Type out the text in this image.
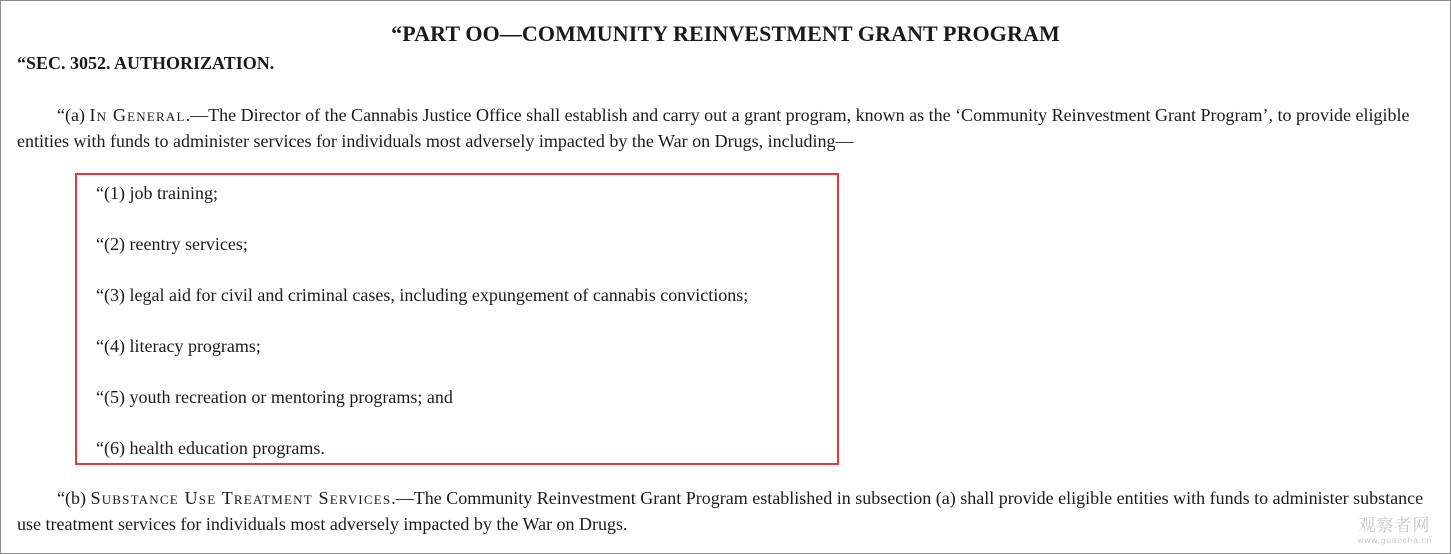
“PART OO—COMMUNITY REINVESTMENT GRANT PROGRAM
“SEC. 3052. AUTHORIZATION.
“(a) In General.—The Director of the Cannabis Justice Office shall establish and carry out a grant program, known as the ‘Community Reinvestment Grant Program’, to provide eligible entities with funds to administer services for individuals most adversely impacted by the War on Drugs, including—
“(1) job training;
“(2) reentry services;
“(3) legal aid for civil and criminal cases, including expungement of cannabis convictions;
“(4) literacy programs;
“(5) youth recreation or mentoring programs; and
“(6) health education programs.
“(b) Substance Use Treatment Services.—The Community Reinvestment Grant Program established in subsection (a) shall provide eligible entities with funds to administer substance use treatment services for individuals most adversely impacted by the War on Drugs.	观察者网
www.guancha.cn
